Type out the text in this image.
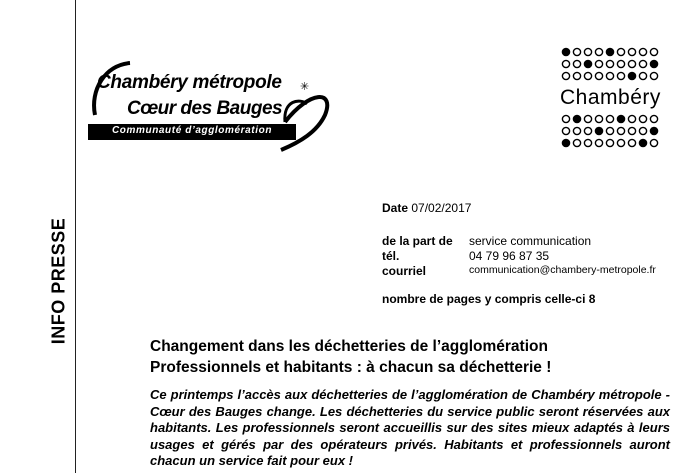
INFO PRESSE
✳
Chambéry métropole
Cœur des Bauges
Communauté d’agglomération
Chambéry
Date 07/02/2017
de la part de service communication
tél.	04 79 96 87 35
courriel	communication@chambery-metropole.fr
nombre de pages y compris celle-ci 8
Changement dans les déchetteries de l’agglomération
Professionnels et habitants : à chacun sa déchetterie !
Ce printemps l’accès aux déchetteries de l’agglomération de Chambéry métropole - Cœur des Bauges change. Les déchetteries du service public seront réservées aux habitants. Les professionnels seront accueillis sur des sites mieux adaptés à leurs usages et gérés par des opérateurs privés. Habitants et professionnels auront chacun un service fait pour eux !
